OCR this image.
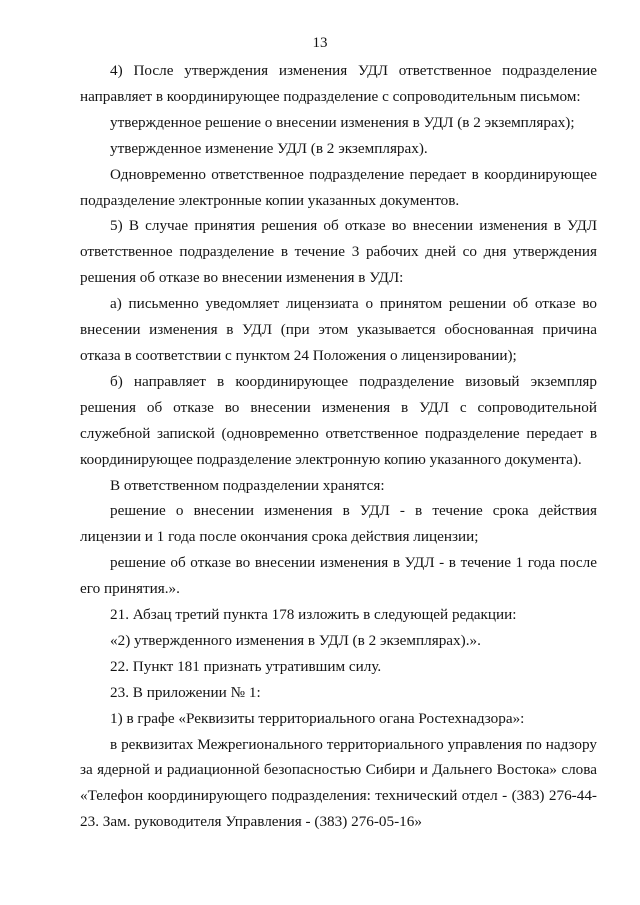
13

4) После утверждения изменения УДЛ ответственное подразделение направляет в координирующее подразделение с сопроводительным письмом:

утвержденное решение о внесении изменения в УДЛ (в 2 экземплярах);

утвержденное изменение УДЛ (в 2 экземплярах).

Одновременно ответственное подразделение передает в координирующее подразделение электронные копии указанных документов.

5) В случае принятия решения об отказе во внесении изменения в УДЛ ответственное подразделение в течение 3 рабочих дней со дня утверждения решения об отказе во внесении изменения в УДЛ:

а) письменно уведомляет лицензиата о принятом решении об отказе во внесении изменения в УДЛ (при этом указывается обоснованная причина отказа в соответствии с пунктом 24 Положения о лицензировании);

б) направляет в координирующее подразделение визовый экземпляр решения об отказе во внесении изменения в УДЛ с сопроводительной служебной запиской (одновременно ответственное подразделение передает в координирующее подразделение электронную копию указанного документа).

В ответственном подразделении хранятся:

решение о внесении изменения в УДЛ - в течение срока действия лицензии и 1 года после окончания срока действия лицензии;

решение об отказе во внесении изменения в УДЛ - в течение 1 года после его принятия.».

21. Абзац третий пункта 178 изложить в следующей редакции:

«2) утвержденного изменения в УДЛ (в 2 экземплярах).».

22. Пункт 181 признать утратившим силу.

23. В приложении № 1:

1) в графе «Реквизиты территориального огана Ростехнадзора»:

в реквизитах Межрегионального территориального управления по надзору за ядерной и радиационной безопасностью Сибири и Дальнего Востока» слова «Телефон координирующего подразделения: технический отдел - (383) 276-44-23. Зам. руководителя Управления - (383) 276-05-16»
